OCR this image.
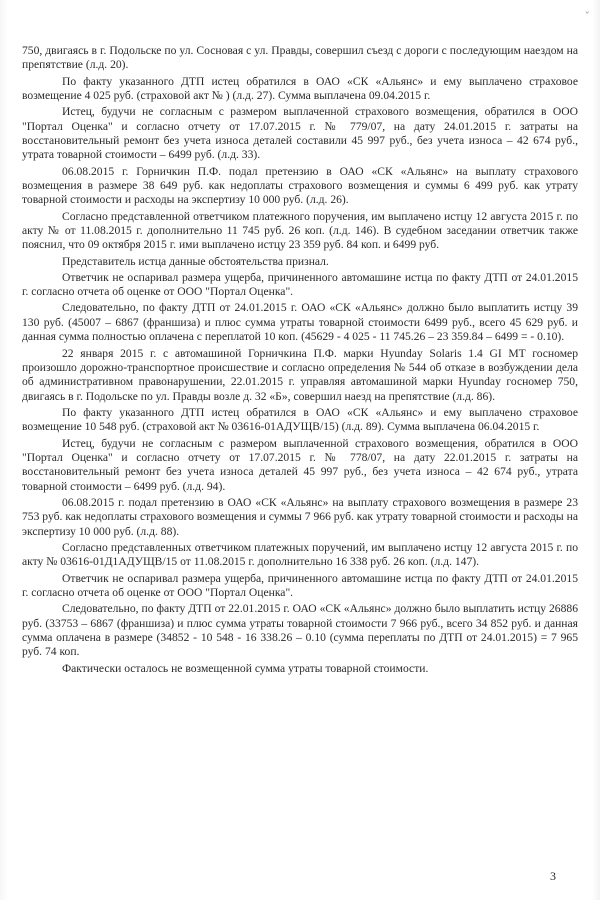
ˇ

750, двигаясь в г. Подольске по ул. Сосновая с ул. Правды, совершил съезд с дороги с последующим наездом на препятствие (л.д. 20).

По факту указанного ДТП истец обратился в ОАО «СК «Альянс» и ему выплачено страховое возмещение 4 025 руб. (страховой акт № ) (л.д. 27). Сумма выплачена 09.04.2015 г.

Истец, будучи не согласным с размером выплаченной страхового возмещения, обратился в ООО "Портал Оценка" и согласно отчету от 17.07.2015 г. № 779/07, на дату 24.01.2015 г. затраты на восстановительный ремонт без учета износа деталей составили 45 997 руб., без учета износа – 42 674 руб., утрата товарной стоимости – 6499 руб. (л.д. 33).

06.08.2015 г. Горничкин П.Ф. подал претензию в ОАО «СК «Альянс» на выплату страхового возмещения в размере 38 649 руб. как недоплаты страхового возмещения и суммы 6 499 руб. как утрату товарной стоимости и расходы на экспертизу 10 000 руб. (л.д. 26).

Согласно представленной ответчиком платежного поручения, им выплачено истцу 12 августа 2015 г. по акту № от 11.08.2015 г. дополнительно 11 745 руб. 26 коп. (л.д. 146). В судебном заседании ответчик также пояснил, что 09 октября 2015 г. ими выплачено истцу 23 359 руб. 84 коп. и 6499 руб.

Представитель истца данные обстоятельства признал.

Ответчик не оспаривал размера ущерба, причиненного автомашине истца по факту ДТП от 24.01.2015 г. согласно отчета об оценке от ООО "Портал Оценка".

Следовательно, по факту ДТП от 24.01.2015 г. ОАО «СК «Альянс» должно было выплатить истцу 39 130 руб. (45007 – 6867 (франшиза) и плюс сумма утраты товарной стоимости 6499 руб., всего 45 629 руб. и данная сумма полностью оплачена с переплатой 10 коп. (45629 - 4 025 - 11 745.26 – 23 359.84 – 6499 = - 0.10).

22 января 2015 г. с автомашиной Горничкина П.Ф. марки Hyunday Solaris 1.4 GI MT госномер произошло дорожно-транспортное происшествие и согласно определения № 544 об отказе в возбуждении дела об административном правонарушении, 22.01.2015 г. управляя автомашиной марки Hyunday госномер 750, двигаясь в г. Подольске по ул. Правды возле д. 32 «Б», совершил наезд на препятствие (л.д. 86).

По факту указанного ДТП истец обратился в ОАО «СК «Альянс» и ему выплачено страховое возмещение 10 548 руб. (страховой акт № 03616-01АДУЩВ/15) (л.д. 89). Сумма выплачена 06.04.2015 г.

Истец, будучи не согласным с размером выплаченной страхового возмещения, обратился в ООО "Портал Оценка" и согласно отчету от 17.07.2015 г. № 778/07, на дату 22.01.2015 г. затраты на восстановительный ремонт без учета износа деталей 45 997 руб., без учета износа – 42 674 руб., утрата товарной стоимости – 6499 руб. (л.д. 94).

06.08.2015 г. подал претензию в ОАО «СК «Альянс» на выплату страхового возмещения в размере 23 753 руб. как недоплаты страхового возмещения и суммы 7 966 руб. как утрату товарной стоимости и расходы на экспертизу 10 000 руб. (л.д. 88).

Согласно представленных ответчиком платежных поручений, им выплачено истцу 12 августа 2015 г. по акту № 03616-01Д1АДУЩВ/15 от 11.08.2015 г. дополнительно 16 338 руб. 26 коп. (л.д. 147).

Ответчик не оспаривал размера ущерба, причиненного автомашине истца по факту ДТП от 24.01.2015 г. согласно отчета об оценке от ООО "Портал Оценка".

Следовательно, по факту ДТП от 22.01.2015 г. ОАО «СК «Альянс» должно было выплатить истцу 26886 руб. (33753 – 6867 (франшиза) и плюс сумма утраты товарной стоимости 7 966 руб., всего 34 852 руб. и данная сумма оплачена в размере (34852 - 10 548 - 16 338.26 – 0.10 (сумма переплаты по ДТП от 24.01.2015) = 7 965 руб. 74 коп.

Фактически осталось не возмещенной сумма утраты товарной стоимости.

3
